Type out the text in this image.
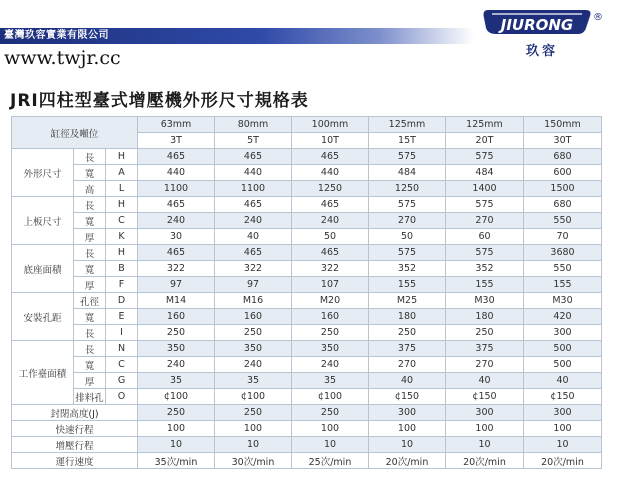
臺灣玖容實業有限公司
www.twjr.cc
JIURONG
玖容
®
JRI四柱型臺式增壓機外形尺寸規格表
缸徑及噸位			63mm	80mm	100mm	125mm	125mm	150mm
			3T	5T	10T	15T	20T	30T
外形尺寸	長	H	465	465	465	575	575	680
	寬	A	440	440	440	484	484	600
	高	L	1100	1100	1250	1250	1400	1500
上板尺寸	長	H	465	465	465	575	575	680
	寬	C	240	240	240	270	270	550
	厚	K	30	40	50	50	60	70
底座面積	長	H	465	465	465	575	575	3680
	寬	B	322	322	322	352	352	550
	厚	F	97	97	107	155	155	155
安裝孔距	孔徑	D	M14	M16	M20	M25	M30	M30
	寬	E	160	160	160	180	180	420
	長	I	250	250	250	250	250	300
工作臺面積	長	N	350	350	350	375	375	500
	寬	C	240	240	240	270	270	500
	厚	G	35	35	35	40	40	40
	排料孔	O	¢100	¢100	¢100	¢150	¢150	¢150
封閉高度(J)			250	250	250	300	300	300
快速行程			100	100	100	100	100	100
增壓行程			10	10	10	10	10	10
運行速度			35次/min	30次/min	25次/min	20次/min	20次/min	20次/min
